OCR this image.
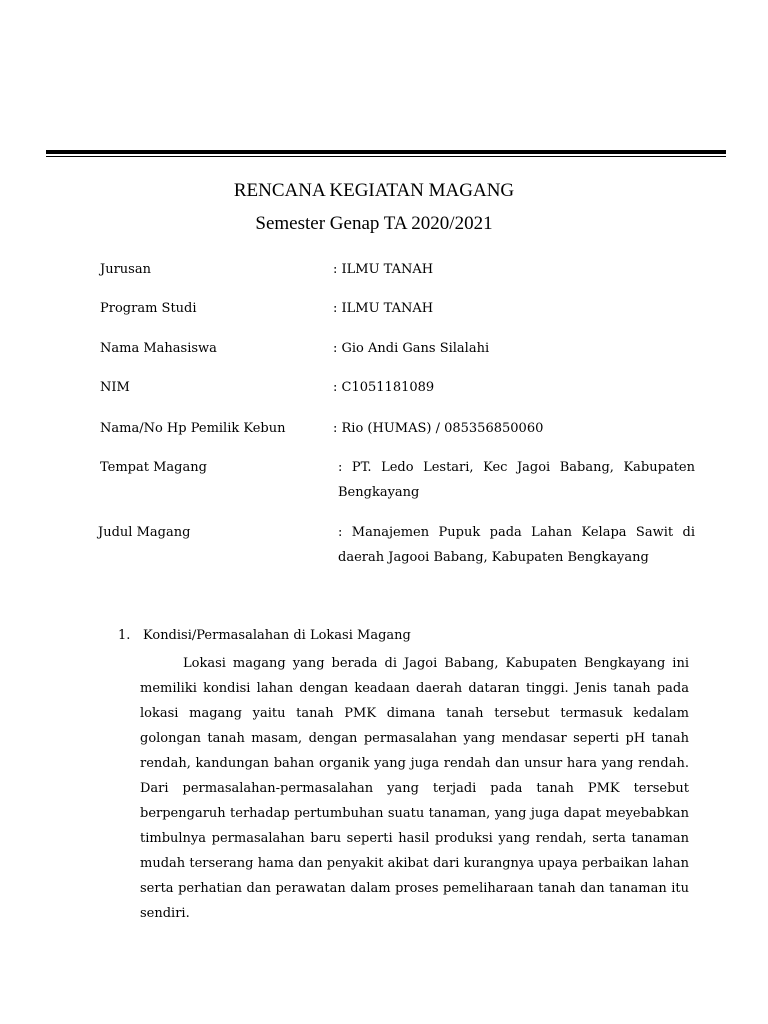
RENCANA KEGIATAN MAGANG
Semester Genap TA 2020/2021
Jurusan	: ILMU TANAH
Program Studi	: ILMU TANAH
Nama Mahasiswa	: Gio Andi Gans Silalahi
NIM	: C1051181089
Nama/No Hp Pemilik Kebun	: Rio (HUMAS) / 085356850060
Tempat Magang	: PT. Ledo Lestari, Kec Jagoi Babang, Kabupaten Bengkayang
Judul Magang	: Manajemen Pupuk pada Lahan Kelapa Sawit di daerah Jagooi Babang, Kabupaten Bengkayang
1. Kondisi/Permasalahan di Lokasi Magang

Lokasi magang yang berada di Jagoi Babang, Kabupaten Bengkayang ini memiliki kondisi lahan dengan keadaan daerah dataran tinggi. Jenis tanah pada lokasi magang yaitu tanah PMK dimana tanah tersebut termasuk kedalam golongan tanah masam, dengan permasalahan yang mendasar seperti pH tanah rendah, kandungan bahan organik yang juga rendah dan unsur hara yang rendah. Dari permasalahan-permasalahan yang terjadi pada tanah PMK tersebut berpengaruh terhadap pertumbuhan suatu tanaman, yang juga dapat meyebabkan timbulnya permasalahan baru seperti hasil produksi yang rendah, serta tanaman mudah terserang hama dan penyakit akibat dari kurangnya upaya perbaikan lahan serta perhatian dan perawatan dalam proses pemeliharaan tanah dan tanaman itu sendiri.
